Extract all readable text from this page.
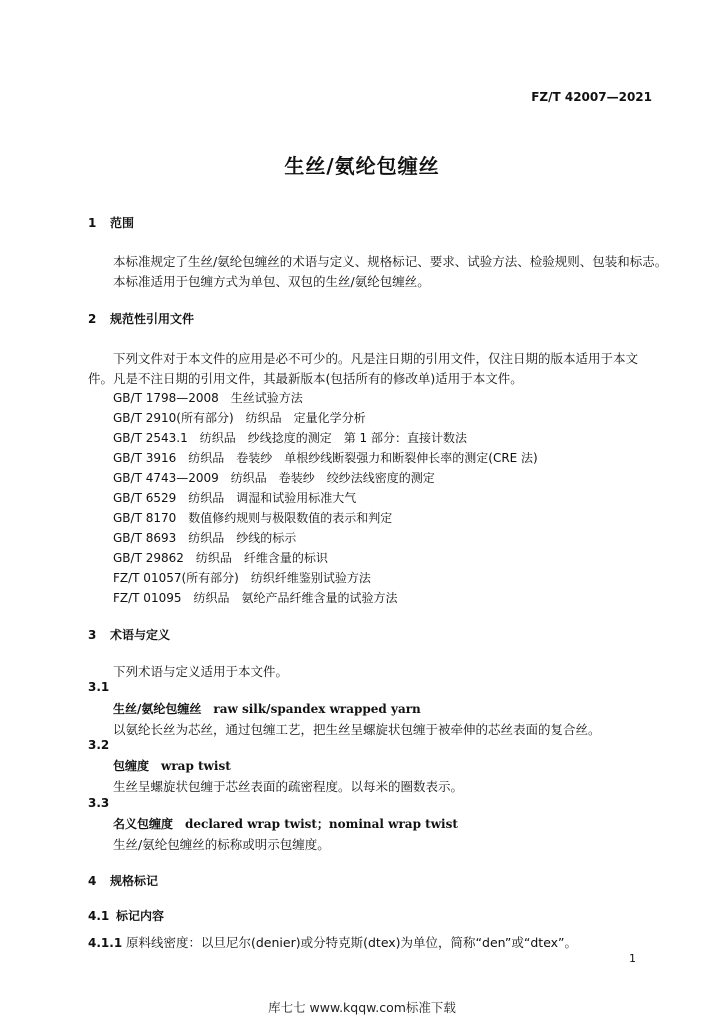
FZ/T 42007—2021
生丝/氨纶包缠丝
1 范围
本标准规定了生丝/氨纶包缠丝的术语与定义、规格标记、要求、试验方法、检验规则、包装和标志。
本标准适用于包缠方式为单包、双包的生丝/氨纶包缠丝。
2 规范性引用文件
下列文件对于本文件的应用是必不可少的。凡是注日期的引用文件，仅注日期的版本适用于本文
件。凡是不注日期的引用文件，其最新版本(包括所有的修改单)适用于本文件。
GB/T 1798—2008　生丝试验方法
GB/T 2910(所有部分)　纺织品　定量化学分析
GB/T 2543.1　纺织品　纱线捻度的测定　第 1 部分：直接计数法
GB/T 3916　纺织品　卷装纱　单根纱线断裂强力和断裂伸长率的测定(CRE 法)
GB/T 4743—2009　纺织品　卷装纱　绞纱法线密度的测定
GB/T 6529　纺织品　调湿和试验用标准大气
GB/T 8170　数值修约规则与极限数值的表示和判定
GB/T 8693　纺织品　纱线的标示
GB/T 29862　纺织品　纤维含量的标识
FZ/T 01057(所有部分)　纺织纤维鉴别试验方法
FZ/T 01095　纺织品　氨纶产品纤维含量的试验方法
3 术语与定义
下列术语与定义适用于本文件。
3.1
生丝/氨纶包缠丝 raw silk/spandex wrapped yarn
以氨纶长丝为芯丝，通过包缠工艺，把生丝呈螺旋状包缠于被牵伸的芯丝表面的复合丝。
3.2
包缠度 wrap twist
生丝呈螺旋状包缠于芯丝表面的疏密程度。以每米的圈数表示。
3.3
名义包缠度 declared wrap twist；nominal wrap twist
生丝/氨纶包缠丝的标称或明示包缠度。
4 规格标记
4.1 标记内容
4.1.1 原料线密度：以旦尼尔(denier)或分特克斯(dtex)为单位，简称“den”或“dtex”。
1
库七七 www.kqqw.com标准下载
